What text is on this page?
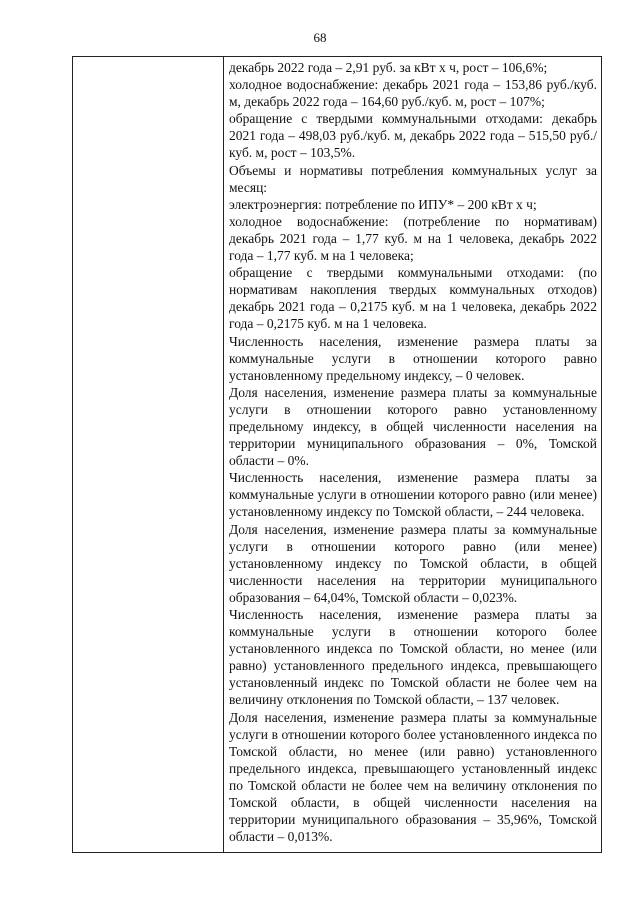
68

декабрь 2022 года – 2,91 руб. за кВт х ч, рост – 106,6%;

холодное водоснабжение: декабрь 2021 года – 153,86 руб./куб. м, декабрь 2022 года – 164,60 руб./куб. м, рост – 107%;

обращение с твердыми коммунальными отходами: декабрь 2021 года – 498,03 руб./куб. м, декабрь 2022 года – 515,50 руб./куб. м, рост – 103,5%.

Объемы и нормативы потребления коммунальных услуг за месяц:

электроэнергия: потребление по ИПУ* – 200 кВт х ч;

холодное водоснабжение: (потребление по нормативам) декабрь 2021 года – 1,77 куб. м на 1 человека, декабрь 2022 года – 1,77 куб. м на 1 человека;

обращение с твердыми коммунальными отходами: (по нормативам накопления твердых коммунальных отходов) декабрь 2021 года – 0,2175 куб. м на 1 человека, декабрь 2022 года – 0,2175 куб. м на 1 человека.

Численность населения, изменение размера платы за коммунальные услуги в отношении которого равно установленному предельному индексу, – 0 человек.

Доля населения, изменение размера платы за коммунальные услуги в отношении которого равно установленному предельному индексу, в общей численности населения на территории муниципального образования – 0%, Томской области – 0%.

Численность населения, изменение размера платы за коммунальные услуги в отношении которого равно (или менее) установленному индексу по Томской области, – 244 человека.

Доля населения, изменение размера платы за коммунальные услуги в отношении которого равно (или менее) установленному индексу по Томской области, в общей численности населения на территории муниципального образования – 64,04%, Томской области – 0,023%.

Численность населения, изменение размера платы за коммунальные услуги в отношении которого более установленного индекса по Томской области, но менее (или равно) установленного предельного индекса, превышающего установленный индекс по Томской области не более чем на величину отклонения по Томской области, – 137 человек.

Доля населения, изменение размера платы за коммунальные услуги в отношении которого более установленного индекса по Томской области, но менее (или равно) установленного предельного индекса, превышающего установленный индекс по Томской области не более чем на величину отклонения по Томской области, в общей численности населения на территории муниципального образования – 35,96%, Томской области – 0,013%.
